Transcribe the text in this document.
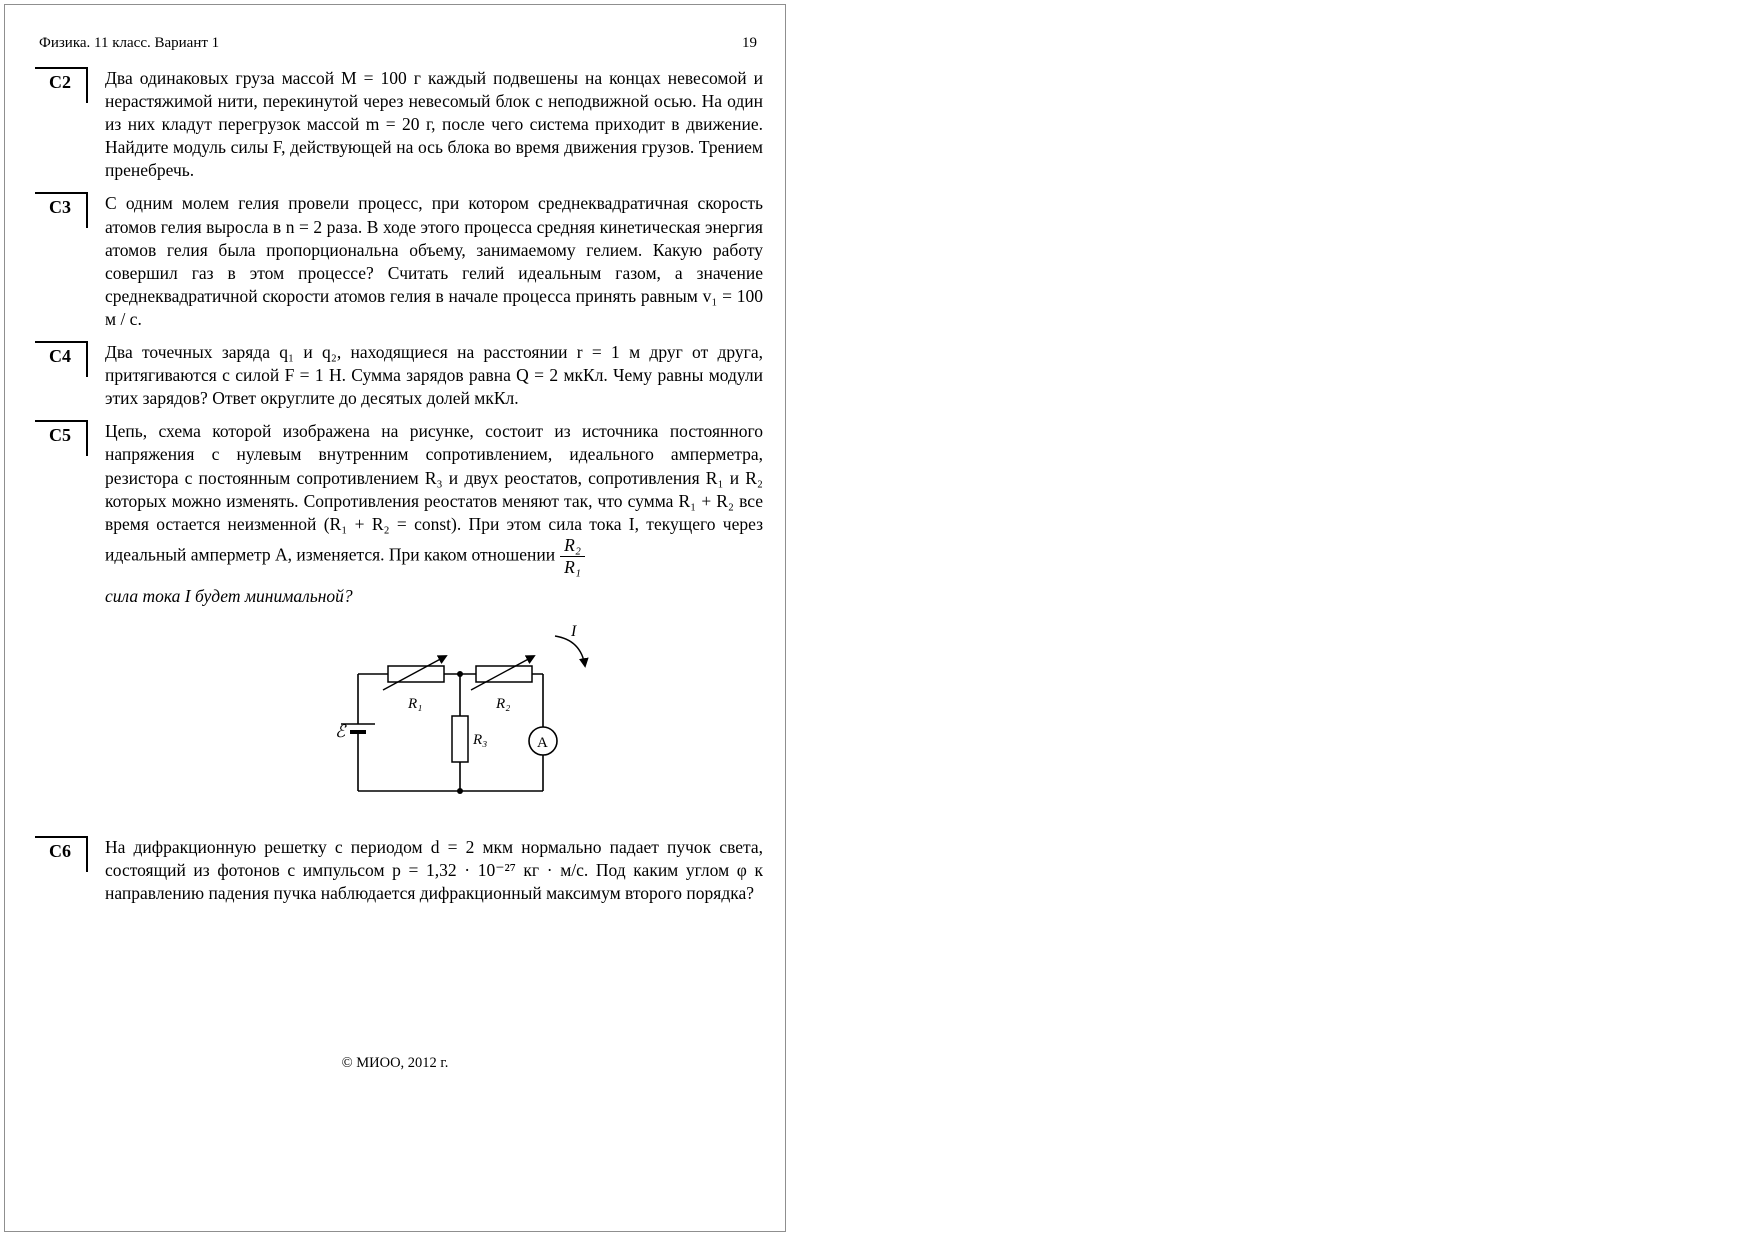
Физика. 11 класс. Вариант 1	19
С2	Два одинаковых груза массой M = 100 г каждый подвешены на концах невесомой и нерастяжимой нити, перекинутой через невесомый блок с неподвижной осью. На один из них кладут перегрузок массой m = 20 г, после чего система приходит в движение. Найдите модуль силы F, действующей на ось блока во время движения грузов. Трением пренебречь.
С3	С одним молем гелия провели процесс, при котором среднеквадратичная скорость атомов гелия выросла в n = 2 раза. В ходе этого процесса средняя кинетическая энергия атомов гелия была пропорциональна объему, занимаемому гелием. Какую работу совершил газ в этом процессе? Считать гелий идеальным газом, а значение среднеквадратичной скорости атомов гелия в начале процесса принять равным v₁ = 100 м / с.
С4	Два точечных заряда q₁ и q₂, находящиеся на расстоянии r = 1 м друг от друга, притягиваются с силой F = 1 Н. Сумма зарядов равна Q = 2 мкКл. Чему равны модули этих зарядов? Ответ округлите до десятых долей мкКл.
С5	Цепь, схема которой изображена на рисунке, состоит из источника постоянного напряжения с нулевым внутренним сопротивлением, идеального амперметра, резистора с постоянным сопротивлением R₃ и двух реостатов, сопротивления R₁ и R₂ которых можно изменять. Сопротивления реостатов меняют так, что сумма R₁ + R₂ все время остается неизменной (R₁ + R₂ = const). При этом сила тока I, текущего через идеальный амперметр А, изменяется. При каком отношении $\frac{\text{R₂}}{\text{R₁}}$
сила тока I будет минимальной?
ℰ
R₁	R₂
R₃	A
I
С6	На дифракционную решетку с периодом d = 2 мкм нормально падает пучок света, состоящий из фотонов с импульсом p = 1,32 · 10⁻²⁷ кг · м/с. Под каким углом φ к направлению падения пучка наблюдается дифракционный максимум второго порядка?
© МИОО, 2012 г.
